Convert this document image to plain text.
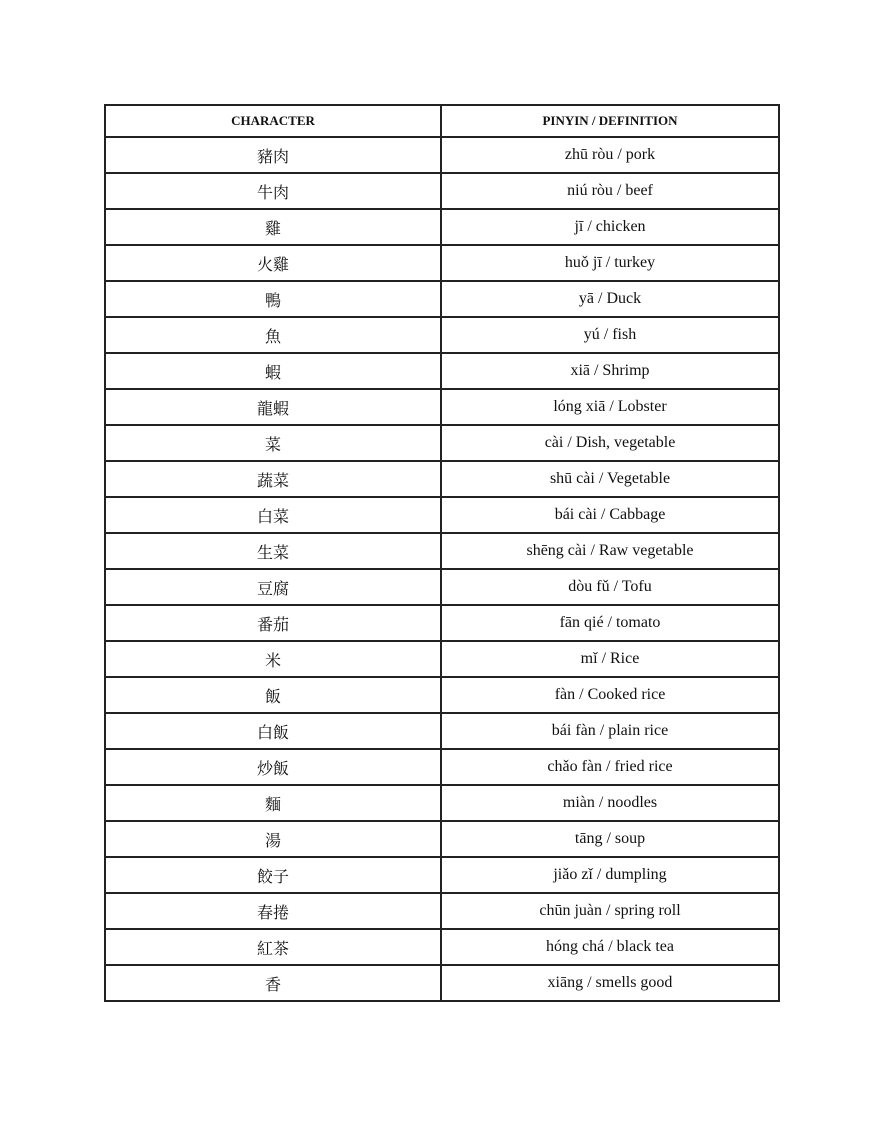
CHARACTER	PINYIN / DEFINITION
豬肉	zhū ròu / pork
牛肉	niú ròu / beef
雞	jī / chicken
火雞	huǒ jī / turkey
鴨	yā / Duck
魚	yú / fish
蝦	xiā / Shrimp
龍蝦	lóng xiā / Lobster
菜	cài / Dish, vegetable
蔬菜	shū cài / Vegetable
白菜	bái cài / Cabbage
生菜	shēng cài / Raw vegetable
豆腐	dòu fǔ / Tofu
番茄	fān qié / tomato
米	mǐ / Rice
飯	fàn / Cooked rice
白飯	bái fàn / plain rice
炒飯	chǎo fàn / fried rice
麵	miàn / noodles
湯	tāng / soup
餃子	jiǎo zǐ / dumpling
春捲	chūn juàn / spring roll
紅茶	hóng chá / black tea
香	xiāng / smells good
